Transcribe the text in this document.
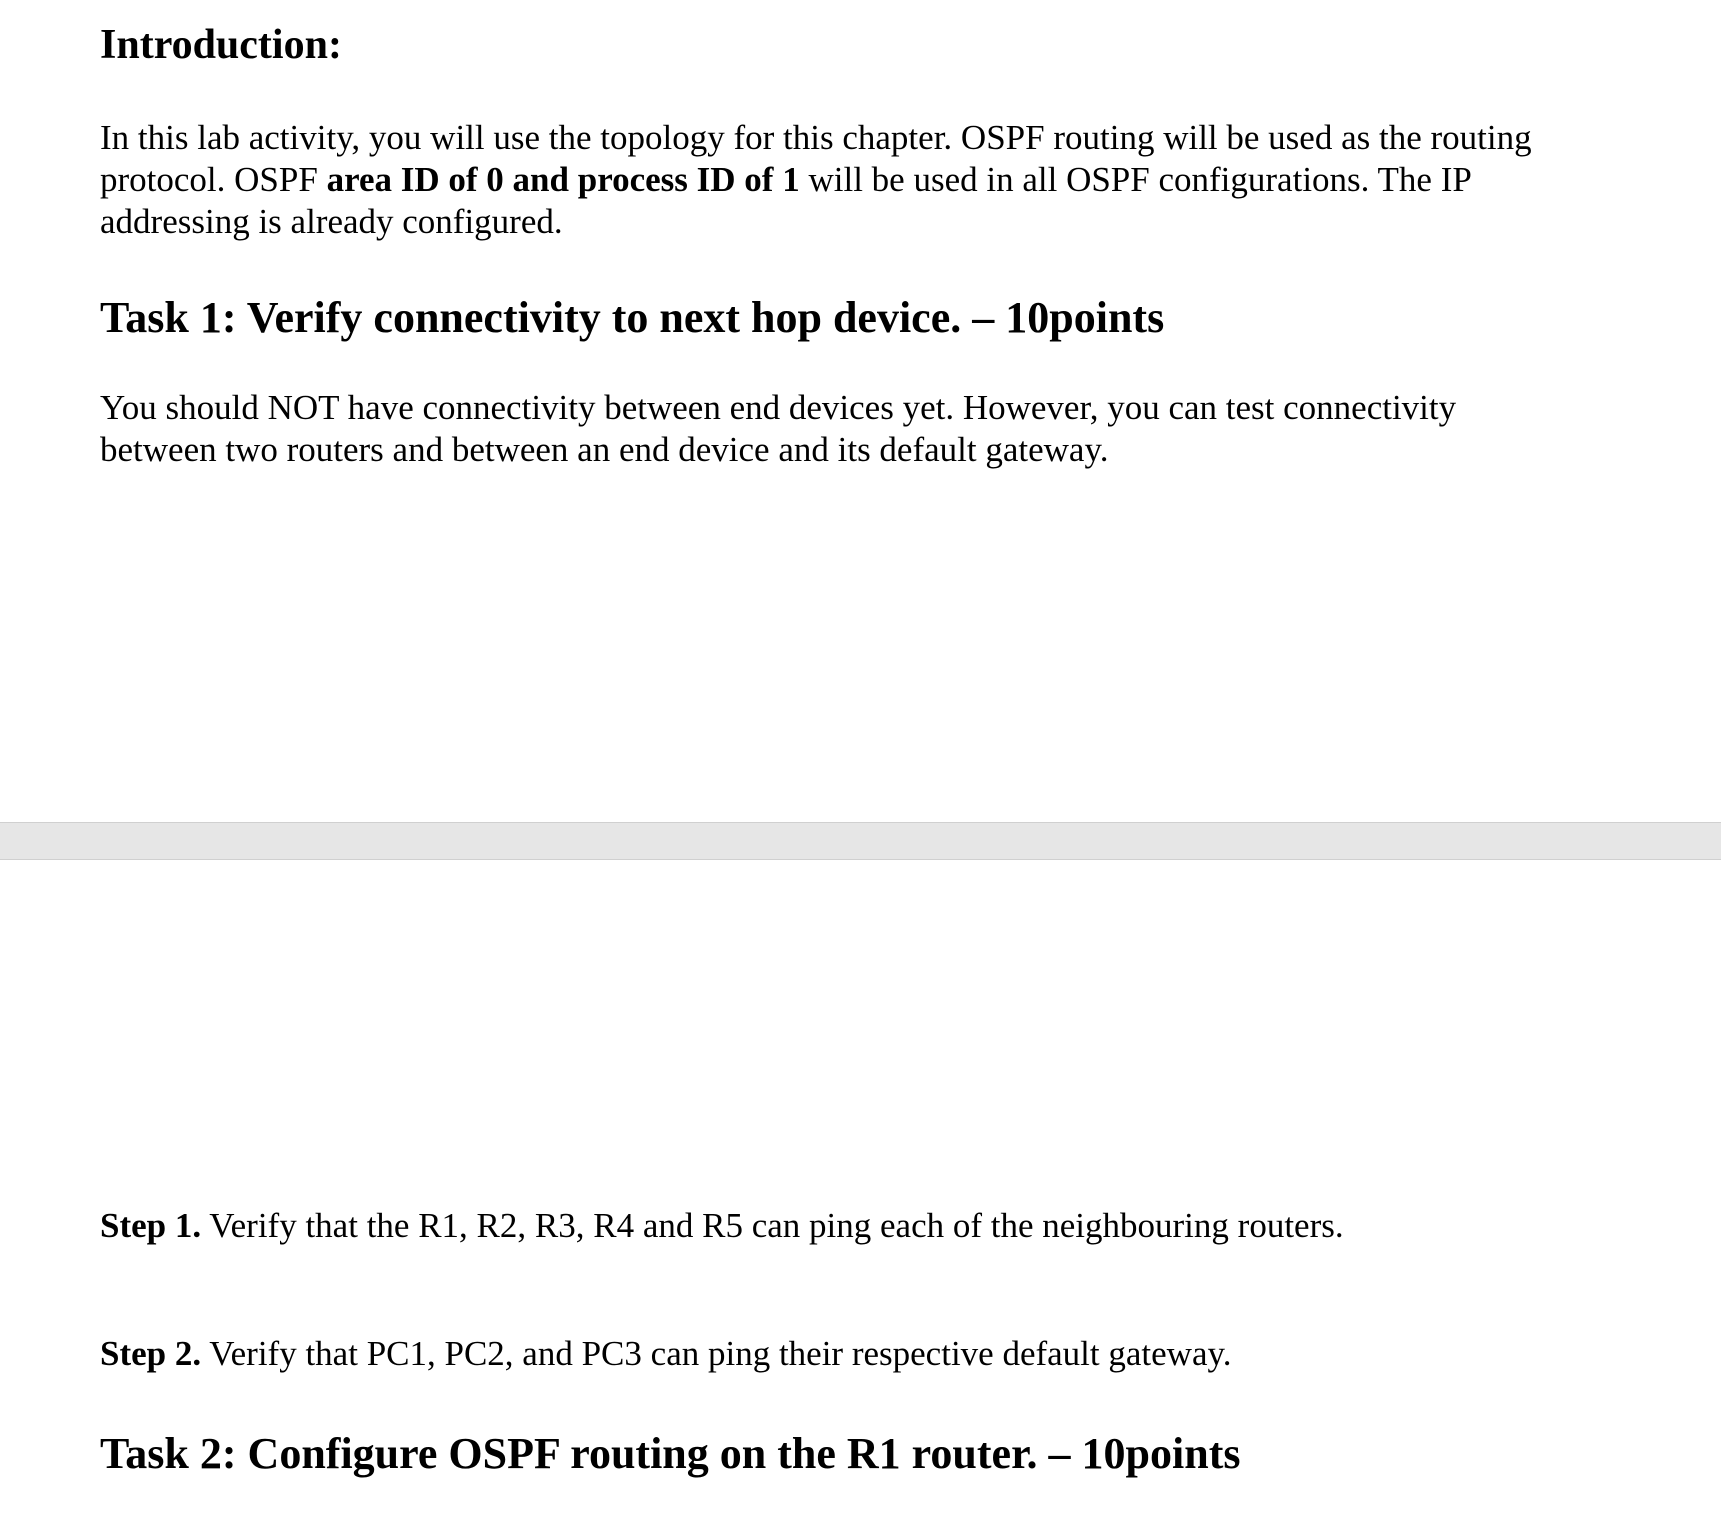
Introduction:

In this lab activity, you will use the topology for this chapter. OSPF routing will be used as the routing
protocol. OSPF area ID of 0 and process ID of 1 will be used in all OSPF configurations. The IP
addressing is already configured.

Task 1: Verify connectivity to next hop device. – 10points

You should NOT have connectivity between end devices yet. However, you can test connectivity
between two routers and between an end device and its default gateway.

Step 1. Verify that the R1, R2, R3, R4 and R5 can ping each of the neighbouring routers.

Step 2. Verify that PC1, PC2, and PC3 can ping their respective default gateway.

Task 2: Configure OSPF routing on the R1 router. – 10points
